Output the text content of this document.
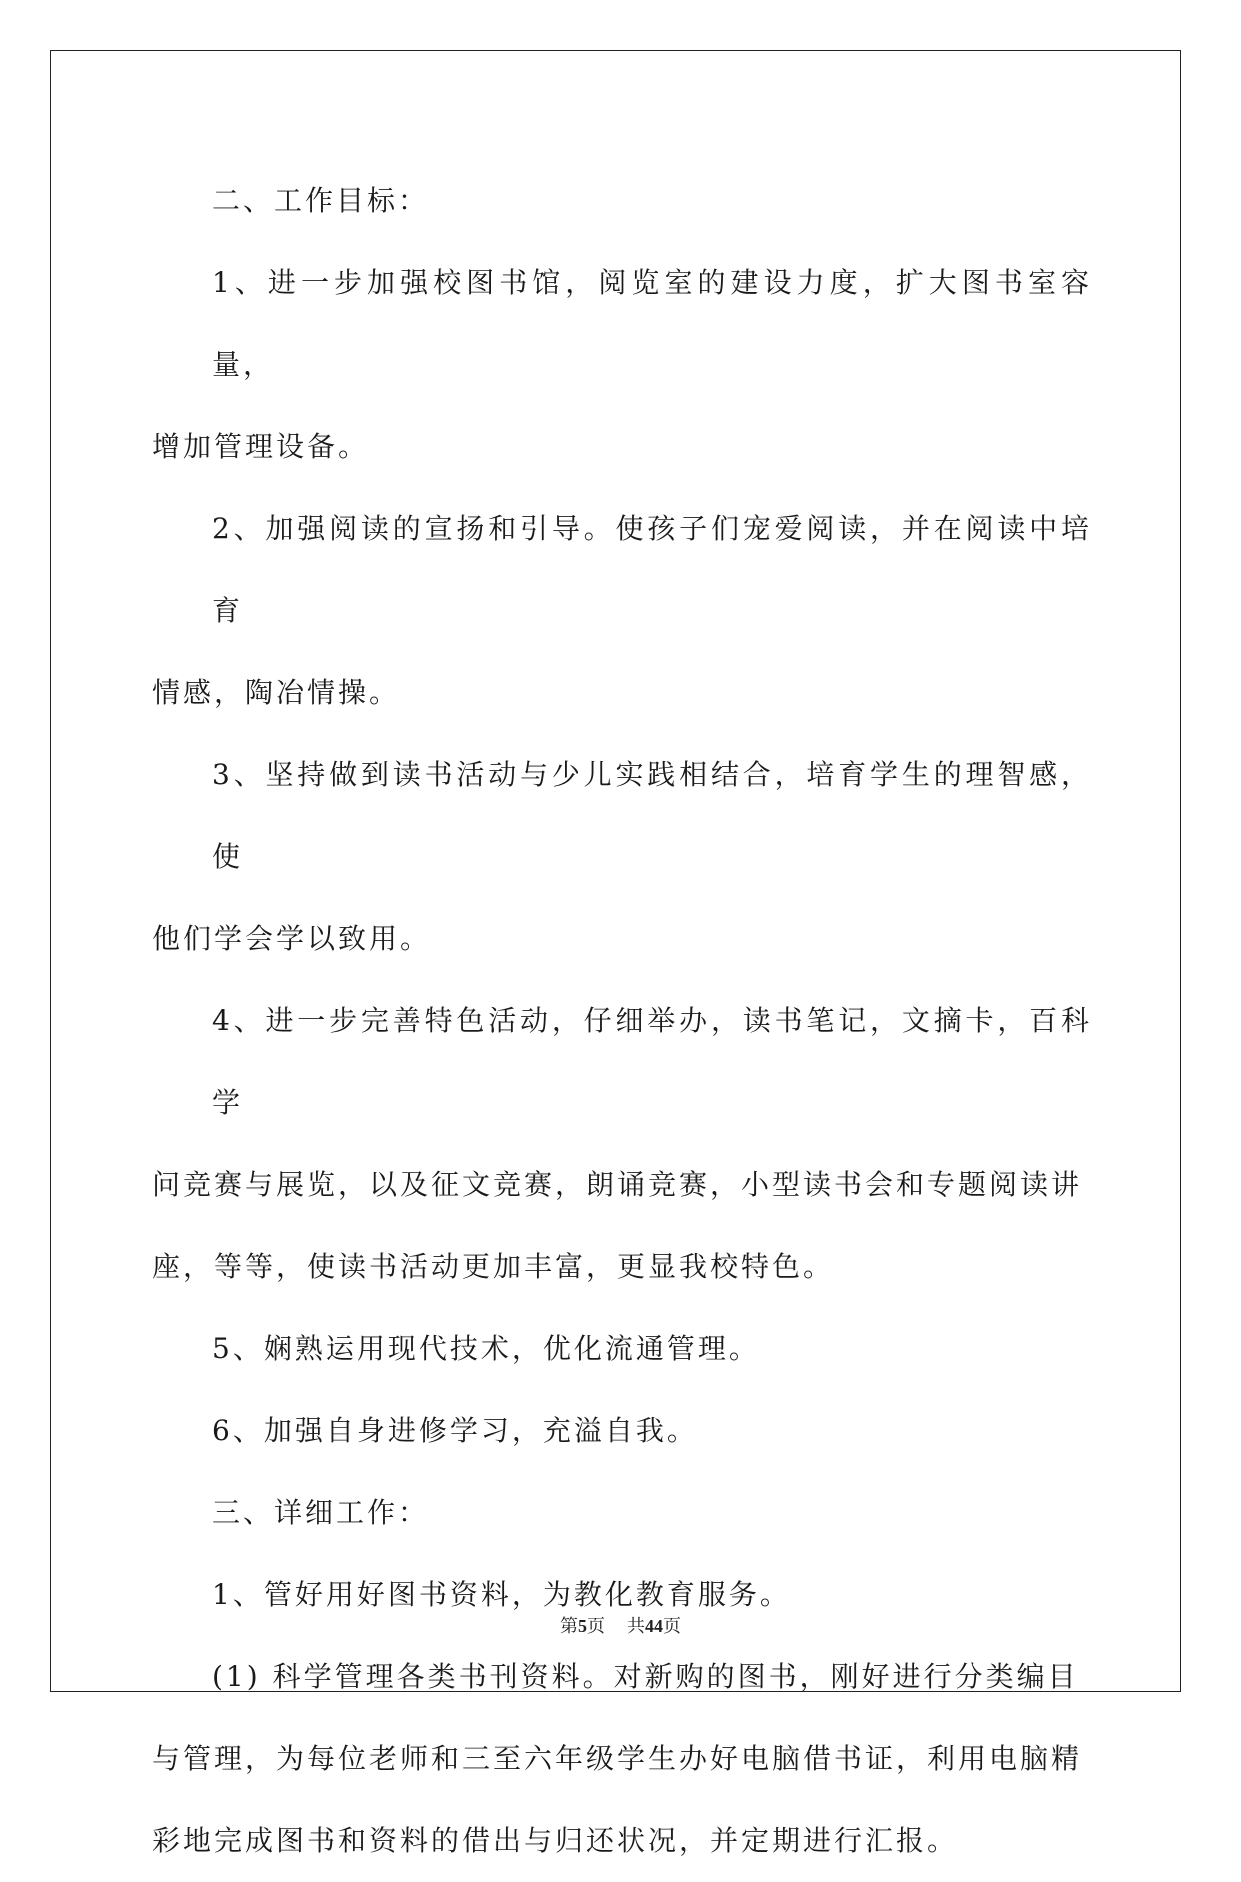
二、工作目标：

1、进一步加强校图书馆，阅览室的建设力度，扩大图书室容量，
增加管理设备。

2、加强阅读的宣扬和引导。使孩子们宠爱阅读，并在阅读中培育
情感，陶冶情操。

3、坚持做到读书活动与少儿实践相结合，培育学生的理智感，使
他们学会学以致用。

4、进一步完善特色活动，仔细举办，读书笔记，文摘卡，百科学
问竞赛与展览，以及征文竞赛，朗诵竞赛，小型读书会和专题阅读讲
座，等等，使读书活动更加丰富，更显我校特色。

5、娴熟运用现代技术，优化流通管理。

6、加强自身进修学习，充溢自我。

三、详细工作：

1、管好用好图书资料，为教化教育服务。

(1) 科学管理各类书刊资料。对新购的图书，刚好进行分类编目
与管理，为每位老师和三至六年级学生办好电脑借书证，利用电脑精
彩地完成图书和资料的借出与归还状况，并定期进行汇报。

第5页 共44页
